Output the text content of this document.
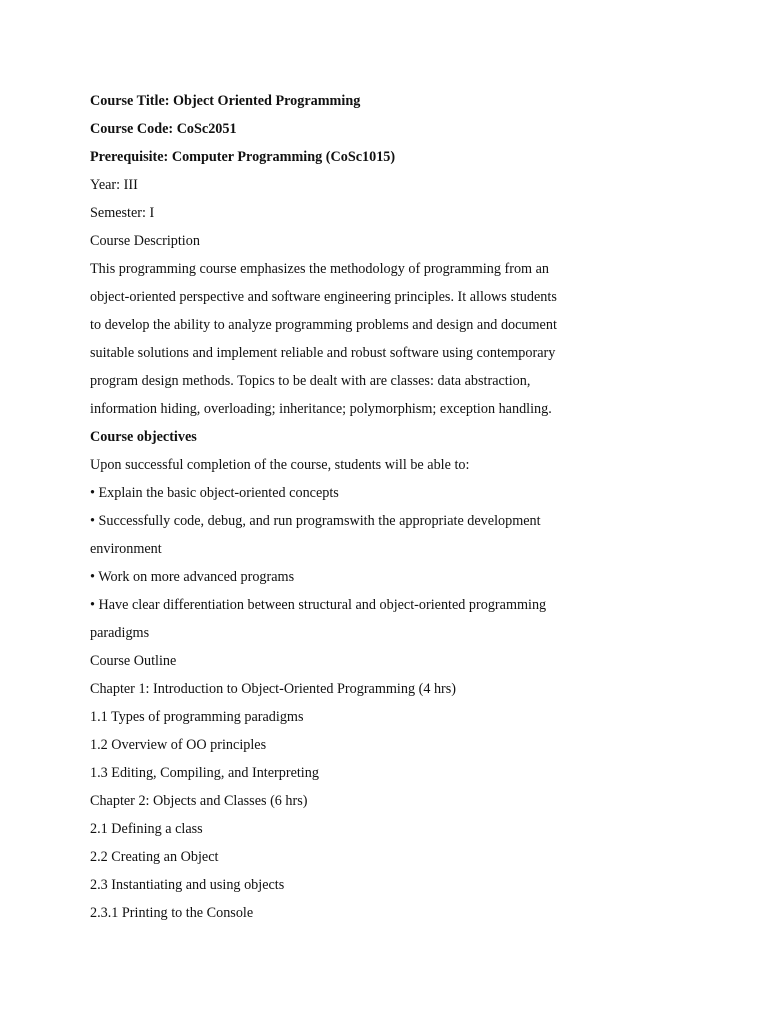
Course Title: Object Oriented Programming
Course Code: CoSc2051
Prerequisite: Computer Programming (CoSc1015)
Year: III
Semester: I
Course Description
This programming course emphasizes the methodology of programming from an
object-oriented perspective and software engineering principles. It allows students
to develop the ability to analyze programming problems and design and document
suitable solutions and implement reliable and robust software using contemporary
program design methods. Topics to be dealt with are classes: data abstraction,
information hiding, overloading; inheritance; polymorphism; exception handling.
Course objectives
Upon successful completion of the course, students will be able to:
• Explain the basic object-oriented concepts
• Successfully code, debug, and run programswith the appropriate development
environment
• Work on more advanced programs
• Have clear differentiation between structural and object-oriented programming
paradigms
Course Outline
Chapter 1: Introduction to Object-Oriented Programming (4 hrs)
1.1 Types of programming paradigms
1.2 Overview of OO principles
1.3 Editing, Compiling, and Interpreting
Chapter 2: Objects and Classes (6 hrs)
2.1 Defining a class
2.2 Creating an Object
2.3 Instantiating and using objects
2.3.1 Printing to the Console
